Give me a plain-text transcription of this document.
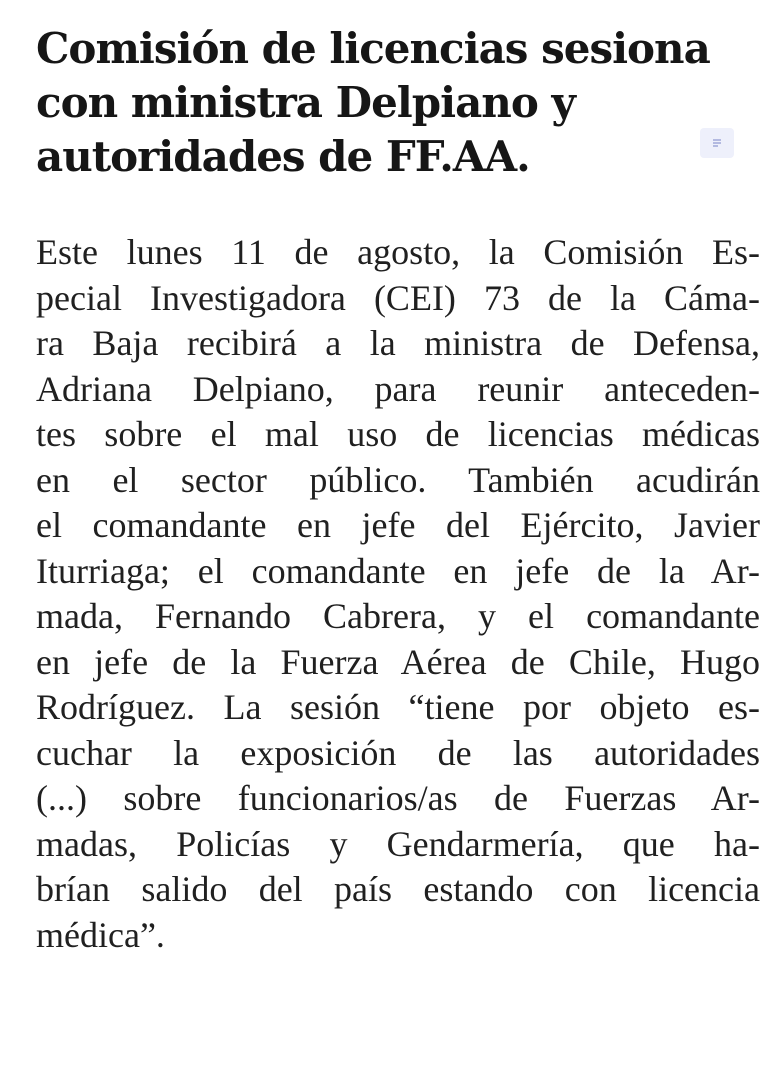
Comisión de licencias sesiona
con ministra Delpiano y
autoridades de FF.AA.
Este lunes 11 de agosto, la Comisión Es-
pecial Investigadora (CEI) 73 de la Cáma-
ra Baja recibirá a la ministra de Defensa,
Adriana Delpiano, para reunir anteceden-
tes sobre el mal uso de licencias médicas
en el sector público. También acudirán
el comandante en jefe del Ejército, Javier
Iturriaga; el comandante en jefe de la Ar-
mada, Fernando Cabrera, y el comandante
en jefe de la Fuerza Aérea de Chile, Hugo
Rodríguez. La sesión “tiene por objeto es-
cuchar la exposición de las autoridades
(...) sobre funcionarios/as de Fuerzas Ar-
madas, Policías y Gendarmería, que ha-
brían salido del país estando con licencia
médica”.
